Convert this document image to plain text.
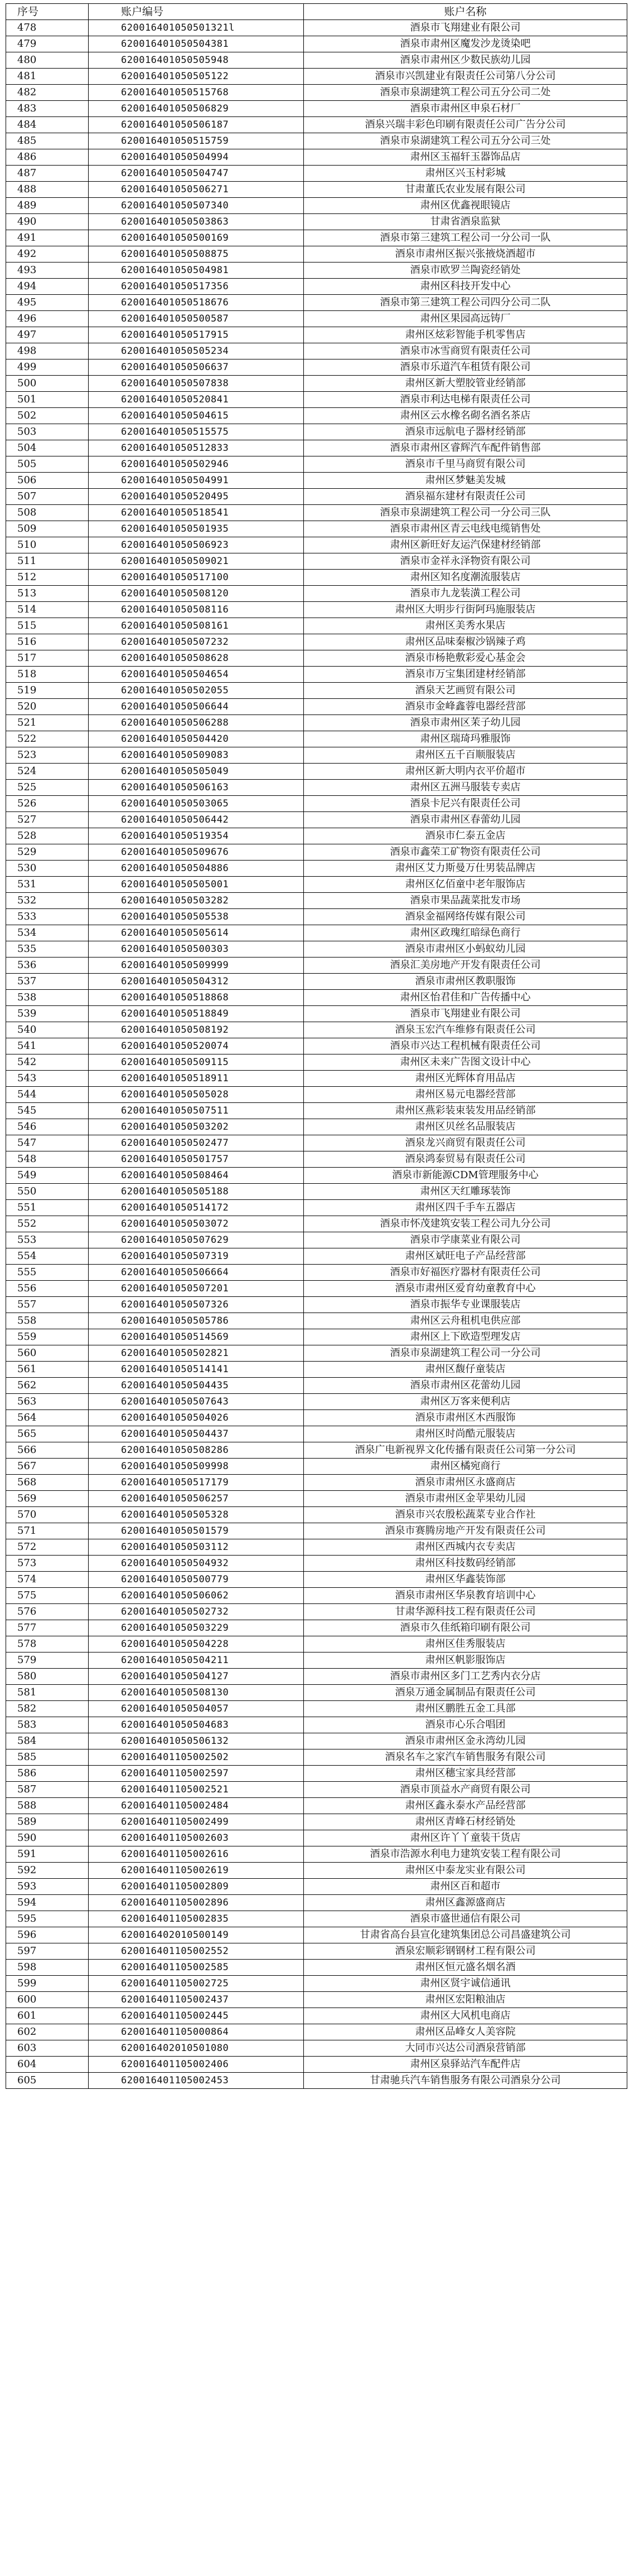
序号	账户编号	账户名称
478	620016401050501321l	酒泉市飞翔建业有限公司
479	620016401050504381	酒泉市肃州区魔发沙龙烫染吧
480	620016401050505948	酒泉市肃州区少数民族幼儿园
481	620016401050505122	酒泉市兴凯建业有限责任公司第八分公司
482	620016401050515768	酒泉市泉湖建筑工程公司五分公司二处
483	620016401050506829	酒泉市肃州区申泉石材厂
484	620016401050506187	酒泉兴瑞丰彩色印刷有限责任公司广告分公司
485	620016401050515759	酒泉市泉湖建筑工程公司五分公司三处
486	620016401050504994	肃州区玉福轩玉器饰品店
487	620016401050504747	肃州区兴玉村彩城
488	620016401050506271	甘肃董氏农业发展有限公司
489	620016401050507340	肃州区优鑫视眼镜店
490	620016401050503863	甘肃省酒泉监狱
491	620016401050500169	酒泉市第三建筑工程公司一分公司一队
492	620016401050508875	酒泉市肃州区振兴张掖烧酒超市
493	620016401050504981	酒泉市欧罗兰陶瓷经销处
494	620016401050517356	肃州区科技开发中心
495	620016401050518676	酒泉市第三建筑工程公司四分公司二队
496	620016401050500587	肃州区果园高远铸厂
497	620016401050517915	肃州区炫彩智能手机零售店
498	620016401050505234	酒泉市冰雪商贸有限责任公司
499	620016401050506637	酒泉市乐道汽车租赁有限公司
500	620016401050507838	肃州区新大塑胶管业经销部
501	620016401050520841	酒泉市利达电梯有限责任公司
502	620016401050504615	肃州区云水橡名砌名酒名茶店
503	620016401050515575	酒泉市远航电子器材经销部
504	620016401050512833	酒泉市肃州区睿辉汽车配件销售部
505	620016401050502946	酒泉市千里马商贸有限公司
506	620016401050504991	肃州区梦魅美发城
507	620016401050520495	酒泉福东建材有限责任公司
508	620016401050518541	酒泉市泉湖建筑工程公司一分公司三队
509	620016401050501935	酒泉市肃州区青云电线电缆销售处
510	620016401050506923	肃州区新旺好友运汽保建材经销部
511	620016401050509021	酒泉市金祥永泽物资有限公司
512	620016401050517100	肃州区知名度潮流服装店
513	620016401050508120	酒泉市九龙装潢工程公司
514	620016401050508116	肃州区大明步行街阿玛施服装店
515	620016401050508161	肃州区美秀水果店
516	620016401050507232	肃州区品味秦椒沙锅辣子鸡
517	620016401050508628	酒泉市杨艳敷彩爱心基金会
518	620016401050504654	酒泉市万宝集团建材经销部
519	620016401050502055	酒泉天艺画贸有限公司
520	620016401050506644	酒泉市金峰鑫蓉电器经营部
521	620016401050506288	酒泉市肃州区茉子幼儿园
522	620016401050504420	肃州区瑞琦玛雅服饰
523	620016401050509083	肃州区五千百顺服装店
524	620016401050505049	肃州区新大明内衣平价超市
525	620016401050506163	肃州区五洲马服装专卖店
526	620016401050503065	酒泉卡尼兴有限责任公司
527	620016401050506442	酒泉市肃州区春蕾幼儿园
528	620016401050519354	酒泉市仁泰五金店
529	620016401050509676	酒泉市鑫荣工矿物资有限责任公司
530	620016401050504886	肃州区艾力斯曼万仕男装品牌店
531	620016401050505001	肃州区亿佰童中老年服饰店
532	620016401050503282	酒泉市果品蔬菜批发市场
533	620016401050505538	酒泉金福网络传媒有限公司
534	620016401050505614	肃州区政瑰红暗绿色商行
535	620016401050500303	酒泉市肃州区小蚂蚁幼儿园
536	620016401050509999	酒泉汇美房地产开发有限责任公司
537	620016401050504312	酒泉市肃州区教职服饰
538	620016401050518868	肃州区怡君佳和广告传播中心
539	620016401050518849	酒泉市飞翔建业有限公司
540	620016401050508192	酒泉玉宏汽车维修有限责任公司
541	620016401050520074	酒泉市兴达工程机械有限责任公司
542	620016401050509115	肃州区未来广告图文设计中心
543	620016401050518911	肃州区光辉体育用品店
544	620016401050505028	肃州区易元电器经营部
545	620016401050507511	肃州区燕彩装束装发用品经销部
546	620016401050503202	肃州区贝丝名品服装店
547	620016401050502477	酒泉龙兴商贸有限责任公司
548	620016401050501757	酒泉鸿泰贸易有限责任公司
549	620016401050508464	酒泉市新能源CDM管理服务中心
550	620016401050505188	肃州区天红雕琢装饰
551	620016401050514172	肃州区四千手车五器店
552	620016401050503072	酒泉市怀茂建筑安装工程公司九分公司
553	620016401050507629	酒泉市学康菜业有限公司
554	620016401050507319	肃州区斌旺电子产品经营部
555	620016401050506664	酒泉市好福医疗器材有限责任公司
556	620016401050507201	酒泉市肃州区爱育幼童教育中心
557	620016401050507326	酒泉市振华专业课服装店
558	620016401050505786	肃州区云舟租机电供应部
559	620016401050514569	肃州区上下欧造型理发店
560	620016401050502821	酒泉市泉湖建筑工程公司一分公司
561	620016401050514141	肃州区馥仔童装店
562	620016401050504435	酒泉市肃州区花蕾幼儿园
563	620016401050507643	肃州区万客来便利店
564	620016401050504026	酒泉市肃州区木西服饰
565	620016401050504437	肃州区时尚酷元服装店
566	620016401050508286	酒泉广电新视界文化传播有限责任公司第一分公司
567	620016401050509998	肃州区橘宛商行
568	620016401050517179	酒泉市肃州区永盛商店
569	620016401050506257	酒泉市肃州区金苹果幼儿园
570	620016401050505328	酒泉市兴农殷松蔬菜专业合作社
571	620016401050501579	酒泉市赛腾房地产开发有限责任公司
572	620016401050503112	肃州区西城内衣专卖店
573	620016401050504932	肃州区科技数码经销部
574	620016401050500779	肃州区华鑫装饰部
575	620016401050506062	酒泉市肃州区华泉教育培训中心
576	620016401050502732	甘肃华源科技工程有限责任公司
577	620016401050503229	酒泉市久佳纸箱印刷有限公司
578	620016401050504228	肃州区佳秀服装店
579	620016401050504211	肃州区帆影服饰店
580	620016401050504127	酒泉市肃州区多门工艺秀内衣分店
581	620016401050508130	酒泉万通金属制品有限责任公司
582	620016401050504057	肃州区鹏胜五金工具部
583	620016401050504683	酒泉市心乐合唱团
584	620016401050506132	酒泉市肃州区金永湾幼儿园
585	620016401105002502	酒泉名车之家汽车销售服务有限公司
586	620016401105002597	肃州区穗宝家具经营部
587	620016401105002521	酒泉市顶益水产商贸有限公司
588	620016401105002484	肃州区鑫永泰水产品经营部
589	620016401105002499	肃州区青峰石材经销处
590	620016401105002603	肃州区许丫丫童装干货店
591	620016401105002616	酒泉市浩源水利电力建筑安装工程有限公司
592	620016401105002619	肃州区中泰龙实业有限公司
593	620016401105002809	肃州区百和超市
594	620016401105002896	肃州区鑫源盛商店
595	620016401105002835	酒泉市盛世通信有限公司
596	620016402010500149	甘肃省高台县宣化建筑集团总公司昌盛建筑公司
597	620016401105002552	酒泉宏顺彩钢钢材工程有限公司
598	620016401105002585	肃州区恒元盛名烟名酒
599	620016401105002725	肃州区贤宇诚信通讯
600	620016401105002437	肃州区宏阳粮油店
601	620016401105002445	肃州区大风机电商店
602	620016401105000864	肃州区品峰女人美容院
603	620016402010501080	大同市兴达公司酒泉营销部
604	620016401105002406	肃州区泉驿站汽车配件店
605	620016401105002453	甘肃驰兵汽车销售服务有限公司酒泉分公司
